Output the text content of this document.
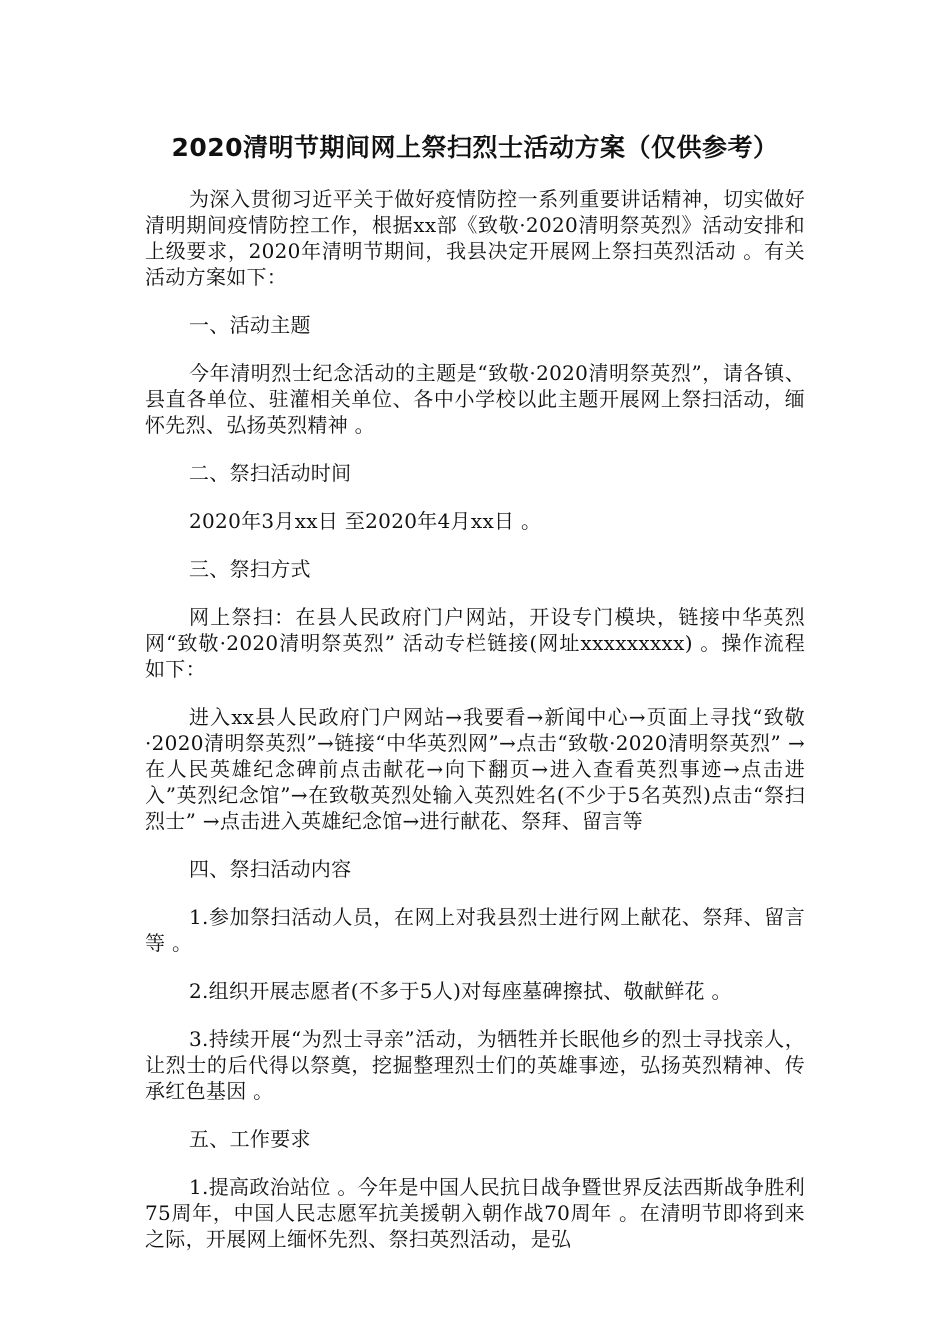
2020清明节期间网上祭扫烈士活动方案（仅供参考）

为深入贯彻习近平关于做好疫情防控一系列重要讲话精神，切实做好清明期间疫情防控工作，根据xx部《致敬·2020清明祭英烈》活动安排和上级要求，2020年清明节期间，我县决定开展网上祭扫英烈活动 。有关活动方案如下：

一、活动主题

今年清明烈士纪念活动的主题是“致敬·2020清明祭英烈”，请各镇、县直各单位、驻灌相关单位、各中小学校以此主题开展网上祭扫活动，缅怀先烈、弘扬英烈精神 。

二、祭扫活动时间

2020年3月xx日 至2020年4月xx日 。

三、祭扫方式

网上祭扫：在县人民政府门户网站，开设专门模块，链接中华英烈网“致敬·2020清明祭英烈” 活动专栏链接(网址xxxxxxxxx) 。操作流程如下：

进入xx县人民政府门户网站→我要看→新闻中心→页面上寻找“致敬·2020清明祭英烈”→链接“中华英烈网”→点击“致敬·2020清明祭英烈” →在人民英雄纪念碑前点击献花→向下翻页→进入查看英烈事迹→点击进入”英烈纪念馆”→在致敬英烈处输入英烈姓名(不少于5名英烈)点击“祭扫烈士” →点击进入英雄纪念馆→进行献花、祭拜、留言等

四、祭扫活动内容

1.参加祭扫活动人员，在网上对我县烈士进行网上献花、祭拜、留言等 。

2.组织开展志愿者(不多于5人)对每座墓碑擦拭、敬献鲜花 。

3.持续开展“为烈士寻亲”活动，为牺牲并长眠他乡的烈士寻找亲人，让烈士的后代得以祭奠，挖掘整理烈士们的英雄事迹，弘扬英烈精神、传承红色基因 。

五、工作要求

1.提高政治站位 。今年是中国人民抗日战争暨世界反法西斯战争胜利75周年，中国人民志愿军抗美援朝入朝作战70周年 。在清明节即将到来之际，开展网上缅怀先烈、祭扫英烈活动，是弘
